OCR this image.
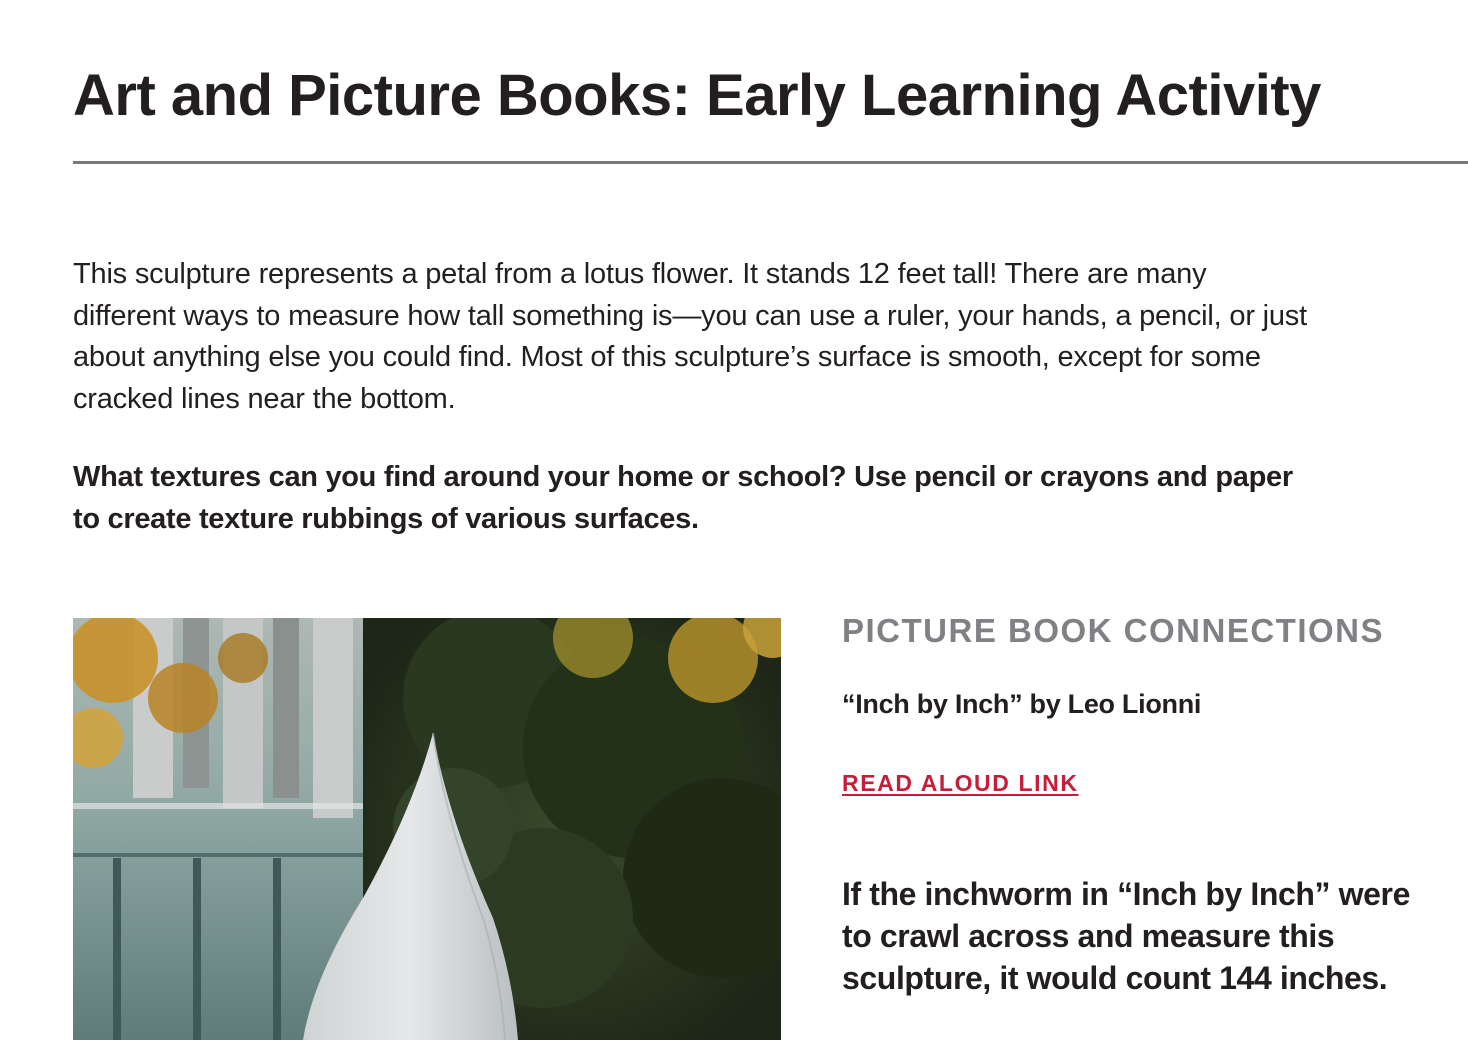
Art and Picture Books: Early Learning Activity

This sculpture represents a petal from a lotus flower. It stands 12 feet tall! There are many different ways to measure how tall something is—you can use a ruler, your hands, a pencil, or just about anything else you could find. Most of this sculpture’s surface is smooth, except for some cracked lines near the bottom.

What textures can you find around your home or school? Use pencil or crayons and paper to create texture rubbings of various surfaces.

PICTURE BOOK CONNECTIONS

“Inch by Inch” by Leo Lionni

READ ALOUD LINK

If the inchworm in “Inch by Inch” were to crawl across and measure this sculpture, it would count 144 inches.
